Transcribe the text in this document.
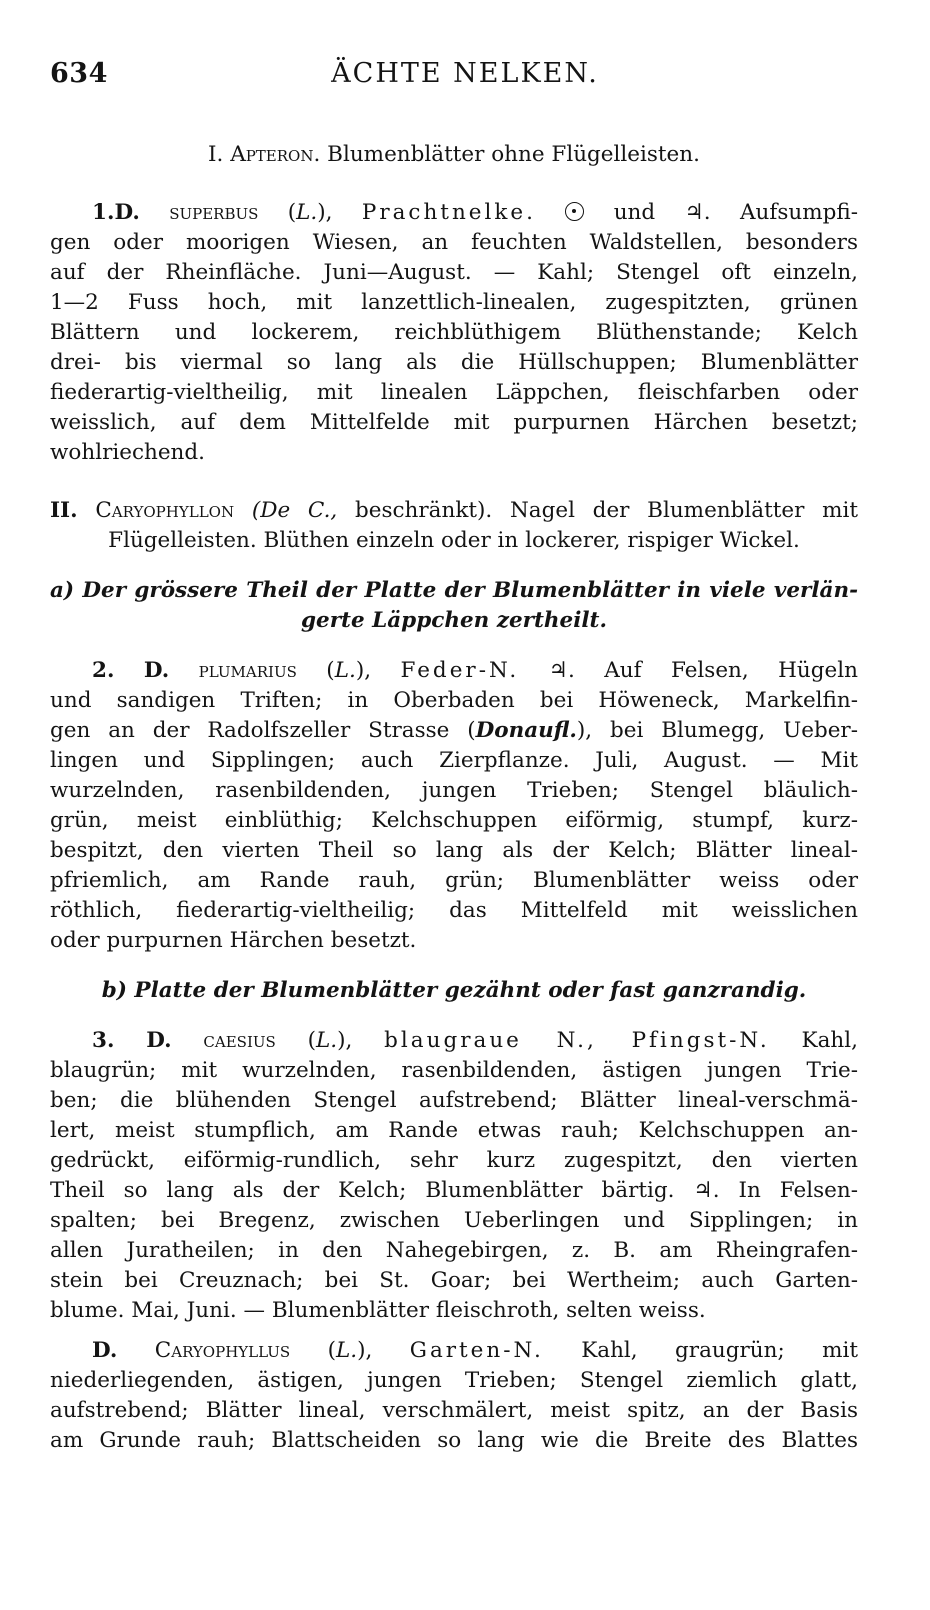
634	ÄCHTE NELKEN.
I. Apteron. Blumenblätter ohne Flügelleisten.
1.D. superbus (L.), Prachtnelke.	und ♃. Aufsumpfi-
gen oder moorigen Wiesen, an feuchten Waldstellen, besonders
auf der Rheinfläche. Juni—August. — Kahl; Stengel oft einzeln,
1—2 Fuss hoch, mit lanzettlich-linealen, zugespitzten, grünen
Blättern und lockerem, reichblüthigem Blüthenstande; Kelch
drei- bis viermal so lang als die Hüllschuppen; Blumenblätter
fiederartig-vieltheilig, mit linealen Läppchen, fleischfarben oder
weisslich, auf dem Mittelfelde mit purpurnen Härchen besetzt;
wohlriechend.
II. Caryophyllon (De C., beschränkt). Nagel der Blumenblätter mit
Flügelleisten. Blüthen einzeln oder in lockerer, rispiger Wickel.
a) Der grössere Theil der Platte der Blumenblätter in viele verlän-
gerte Läppchen zertheilt.
2. D. plumarius (L.), Feder-N. ♃. Auf Felsen, Hügeln
und sandigen Triften; in Oberbaden bei Höweneck, Markelfin-
gen an der Radolfszeller Strasse (Donaufl.), bei Blumegg, Ueber-
lingen und Sipplingen; auch Zierpflanze. Juli, August. — Mit
wurzelnden, rasenbildenden, jungen Trieben; Stengel bläulich-
grün, meist einblüthig; Kelchschuppen eiförmig, stumpf, kurz-
bespitzt, den vierten Theil so lang als der Kelch; Blätter lineal-
pfriemlich, am Rande rauh, grün; Blumenblätter weiss oder
röthlich, fiederartig-vieltheilig; das Mittelfeld mit weisslichen
oder purpurnen Härchen besetzt.
b) Platte der Blumenblätter gezähnt oder fast ganzrandig.
3. D. caesius (L.), blaugraue N., Pfingst-N. Kahl,
blaugrün; mit wurzelnden, rasenbildenden, ästigen jungen Trie-
ben; die blühenden Stengel aufstrebend; Blätter lineal-verschmä-
lert, meist stumpflich, am Rande etwas rauh; Kelchschuppen an-
gedrückt, eiförmig-rundlich, sehr kurz zugespitzt, den vierten
Theil so lang als der Kelch; Blumenblätter bärtig. ♃. In Felsen-
spalten; bei Bregenz, zwischen Ueberlingen und Sipplingen; in
allen Juratheilen; in den Nahegebirgen, z. B. am Rheingrafen-
stein bei Creuznach; bei St. Goar; bei Wertheim; auch Garten-
blume. Mai, Juni. — Blumenblätter fleischroth, selten weiss.
D. Caryophyllus (L.), Garten-N. Kahl, graugrün; mit
niederliegenden, ästigen, jungen Trieben; Stengel ziemlich glatt,
aufstrebend; Blätter lineal, verschmälert, meist spitz, an der Basis
am Grunde rauh; Blattscheiden so lang wie die Breite des Blattes
